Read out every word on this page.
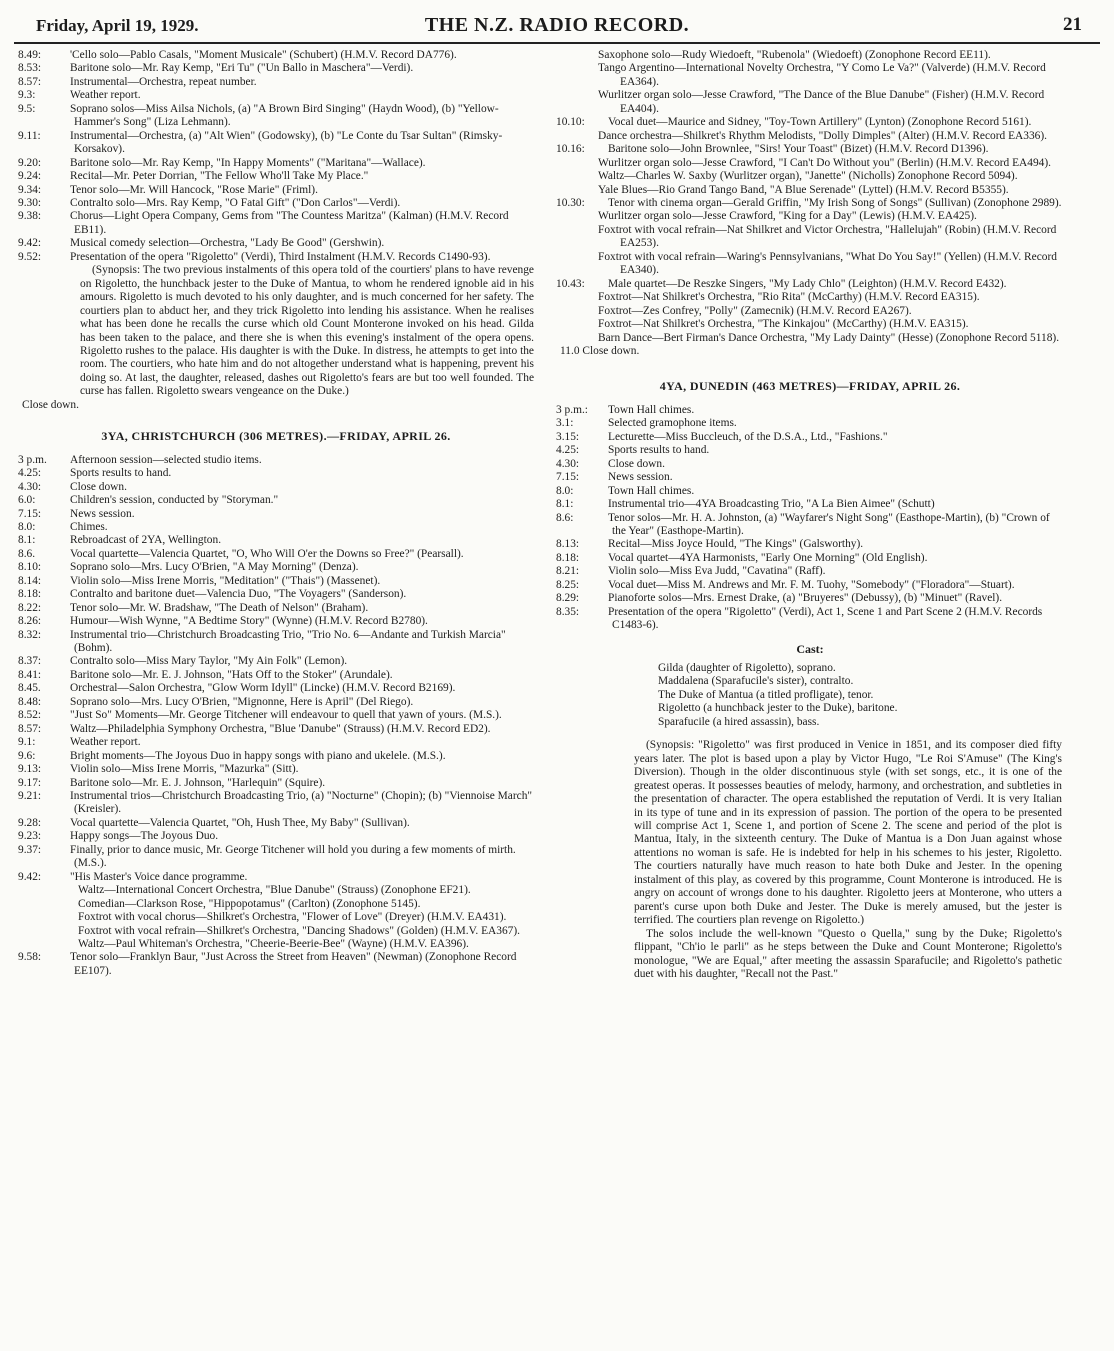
Friday, April 19, 1929.	THE N.Z. RADIO RECORD.	21

8.49:	'Cello solo—Pablo Casals, "Moment Musicale" (Schubert) (H.M.V. Record DA776).

8.53:	Baritone solo—Mr. Ray Kemp, "Eri Tu" ("Un Ballo in Maschera"—Verdi).

8.57:	Instrumental—Orchestra, repeat number.

9.3:	Weather report.

9.5:	Soprano solos—Miss Ailsa Nichols, (a) "A Brown Bird Singing" (Haydn Wood), (b) "Yellow-Hammer's Song" (Liza Lehmann).

9.11:	Instrumental—Orchestra, (a) "Alt Wien" (Godowsky), (b) "Le Conte du Tsar Sultan" (Rimsky-Korsakov).

9.20:	Baritone solo—Mr. Ray Kemp, "In Happy Moments" ("Maritana"—Wallace).

9.24:	Recital—Mr. Peter Dorrian, "The Fellow Who'll Take My Place."

9.34:	Tenor solo—Mr. Will Hancock, "Rose Marie" (Friml).

9.30:	Contralto solo—Mrs. Ray Kemp, "O Fatal Gift" ("Don Carlos"—Verdi).

9.38:	Chorus—Light Opera Company, Gems from "The Countess Maritza" (Kalman) (H.M.V. Record EB11).

9.42:	Musical comedy selection—Orchestra, "Lady Be Good" (Gershwin).

9.52:	Presentation of the opera "Rigoletto" (Verdi), Third Instalment (H.M.V. Records C1490-93).

(Synopsis: The two previous instalments of this opera told of the courtiers' plans to have revenge on Rigoletto, the hunchback jester to the Duke of Mantua, to whom he rendered ignoble aid in his amours. Rigoletto is much devoted to his only daughter, and is much concerned for her safety. The courtiers plan to abduct her, and they trick Rigoletto into lending his assistance. When he realises what has been done he recalls the curse which old Count Monterone invoked on his head. Gilda has been taken to the palace, and there she is when this evening's instalment of the opera opens. Rigoletto rushes to the palace. His daughter is with the Duke. In distress, he attempts to get into the room. The courtiers, who hate him and do not altogether understand what is happening, prevent his doing so. At last, the daughter, released, dashes out Rigoletto's fears are but too well founded. The curse has fallen. Rigoletto swears vengeance on the Duke.)

Close down.

3YA, CHRISTCHURCH (306 METRES).—FRIDAY, APRIL 26.

3 p.m. Afternoon session—selected studio items.

4.25:	Sports results to hand.

4.30:	Close down.

6.0:	Children's session, conducted by "Storyman."

7.15:	News session.

8.0:	Chimes.

8.1:	Rebroadcast of 2YA, Wellington.

8.6.	Vocal quartette—Valencia Quartet, "O, Who Will O'er the Downs so Free?" (Pearsall).

8.10:	Soprano solo—Mrs. Lucy O'Brien, "A May Morning" (Denza).

8.14:	Violin solo—Miss Irene Morris, "Meditation" ("Thais") (Massenet).

8.18:	Contralto and baritone duet—Valencia Duo, "The Voyagers" (Sanderson).

8.22:	Tenor solo—Mr. W. Bradshaw, "The Death of Nelson" (Braham).

8.26:	Humour—Wish Wynne, "A Bedtime Story" (Wynne) (H.M.V. Record B2780).

8.32:	Instrumental trio—Christchurch Broadcasting Trio, "Trio No. 6—Andante and Turkish Marcia" (Bohm).

8.37:	Contralto solo—Miss Mary Taylor, "My Ain Folk" (Lemon).

8.41:	Baritone solo—Mr. E. J. Johnson, "Hats Off to the Stoker" (Arundale).

8.45.	Orchestral—Salon Orchestra, "Glow Worm Idyll" (Lincke) (H.M.V. Record B2169).

8.48:	Soprano solo—Mrs. Lucy O'Brien, "Mignonne, Here is April" (Del Riego).

8.52:	"Just So" Moments—Mr. George Titchener will endeavour to quell that yawn of yours. (M.S.).

8.57:	Waltz—Philadelphia Symphony Orchestra, "Blue 'Danube" (Strauss) (H.M.V. Record ED2).

9.1:	Weather report.

9.6:	Bright moments—The Joyous Duo in happy songs with piano and ukelele. (M.S.).

9.13:	Violin solo—Miss Irene Morris, "Mazurka" (Sitt).

9.17:	Baritone solo—Mr. E. J. Johnson, "Harlequin" (Squire).

9.21:	Instrumental trios—Christchurch Broadcasting Trio, (a) "Nocturne" (Chopin); (b) "Viennoise March" (Kreisler).

9.28:	Vocal quartette—Valencia Quartet, "Oh, Hush Thee, My Baby" (Sullivan).

9.23:	Happy songs—The Joyous Duo.

9.37:	Finally, prior to dance music, Mr. George Titchener will hold you during a few moments of mirth. (M.S.).

9.42:	"His Master's Voice dance programme.

Waltz—International Concert Orchestra, "Blue Danube" (Strauss) (Zonophone EF21).

Comedian—Clarkson Rose, "Hippopotamus" (Carlton) (Zonophone 5145).

Foxtrot with vocal chorus—Shilkret's Orchestra, "Flower of Love" (Dreyer) (H.M.V. EA431).

Foxtrot with vocal refrain—Shilkret's Orchestra, "Dancing Shadows" (Golden) (H.M.V. EA367).

Waltz—Paul Whiteman's Orchestra, "Cheerie-Beerie-Bee" (Wayne) (H.M.V. EA396).

9.58:	Tenor solo—Franklyn Baur, "Just Across the Street from Heaven" (Newman) (Zonophone Record EE107).

Saxophone solo—Rudy Wiedoeft, "Rubenola" (Wiedoeft) (Zonophone Record EE11).

Tango Argentino—International Novelty Orchestra, "Y Como Le Va?" (Valverde) (H.M.V. Record EA364).

Wurlitzer organ solo—Jesse Crawford, "The Dance of the Blue Danube" (Fisher) (H.M.V. Record EA404).

10.10: Vocal duet—Maurice and Sidney, "Toy-Town Artillery" (Lynton) (Zonophone Record 5161).

Dance orchestra—Shilkret's Rhythm Melodists, "Dolly Dimples" (Alter) (H.M.V. Record EA336).

10.16: Baritone solo—John Brownlee, "Sirs! Your Toast" (Bizet) (H.M.V. Record D1396).

Wurlitzer organ solo—Jesse Crawford, "I Can't Do Without you" (Berlin) (H.M.V. Record EA494).

Waltz—Charles W. Saxby (Wurlitzer organ), "Janette" (Nicholls) Zonophone Record 5094).

Yale Blues—Rio Grand Tango Band, "A Blue Serenade" (Lyttel) (H.M.V. Record B5355).

10.30: Tenor with cinema organ—Gerald Griffin, "My Irish Song of Songs" (Sullivan) (Zonophone 2989).

Wurlitzer organ solo—Jesse Crawford, "King for a Day" (Lewis) (H.M.V. EA425).

Foxtrot with vocal refrain—Nat Shilkret and Victor Orchestra, "Hallelujah" (Robin) (H.M.V. Record EA253).

Foxtrot with vocal refrain—Waring's Pennsylvanians, "What Do You Say!" (Yellen) (H.M.V. Record EA340).

10.43: Male quartet—De Reszke Singers, "My Lady Chlo" (Leighton) (H.M.V. Record E432).

Foxtrot—Nat Shilkret's Orchestra, "Rio Rita" (McCarthy) (H.M.V. Record EA315).

Foxtrot—Zes Confrey, "Polly" (Zamecnik) (H.M.V. Record EA267).

Foxtrot—Nat Shilkret's Orchestra, "The Kinkajou" (McCarthy) (H.M.V. EA315).

Barn Dance—Bert Firman's Dance Orchestra, "My Lady Dainty" (Hesse) (Zonophone Record 5118).

11.0 Close down.

4YA, DUNEDIN (463 METRES)—FRIDAY, APRIL 26.

3 p.m.: Town Hall chimes.

3.1:	Selected gramophone items.

3.15:	Lecturette—Miss Buccleuch, of the D.S.A., Ltd., "Fashions."

4.25:	Sports results to hand.

4.30:	Close down.

7.15:	News session.

8.0:	Town Hall chimes.

8.1:	Instrumental trio—4YA Broadcasting Trio, "A La Bien Aimee" (Schutt)

8.6:	Tenor solos—Mr. H. A. Johnston, (a) "Wayfarer's Night Song" (Easthope-Martin), (b) "Crown of the Year" (Easthope-Martin).

8.13:	Recital—Miss Joyce Hould, "The Kings" (Galsworthy).

8.18:	Vocal quartet—4YA Harmonists, "Early One Morning" (Old English).

8.21:	Violin solo—Miss Eva Judd, "Cavatina" (Raff).

8.25:	Vocal duet—Miss M. Andrews and Mr. F. M. Tuohy, "Somebody" ("Floradora"—Stuart).

8.29:	Pianoforte solos—Mrs. Ernest Drake, (a) "Bruyeres" (Debussy), (b) "Minuet" (Ravel).

8.35:	Presentation of the opera "Rigoletto" (Verdi), Act 1, Scene 1 and Part Scene 2 (H.M.V. Records C1483-6).

Cast:
Gilda (daughter of Rigoletto), soprano.
Maddalena (Sparafucile's sister), contralto.
The Duke of Mantua (a titled profligate), tenor.
Rigoletto (a hunchback jester to the Duke), baritone.
Sparafucile (a hired assassin), bass.

(Synopsis: "Rigoletto" was first produced in Venice in 1851, and its composer died fifty years later. The plot is based upon a play by Victor Hugo, "Le Roi S'Amuse" (The King's Diversion). Though in the older discontinuous style (with set songs, etc., it is one of the greatest operas. It possesses beauties of melody, harmony, and orchestration, and subtleties in the presentation of character. The opera established the reputation of Verdi. It is very Italian in its type of tune and in its expression of passion. The portion of the opera to be presented will comprise Act 1, Scene 1, and portion of Scene 2. The scene and period of the plot is Mantua, Italy, in the sixteenth century. The Duke of Mantua is a Don Juan against whose attentions no woman is safe. He is indebted for help in his schemes to his jester, Rigoletto. The courtiers naturally have much reason to hate both Duke and Jester. In the opening instalment of this play, as covered by this programme, Count Monterone is introduced. He is angry on account of wrongs done to his daughter. Rigoletto jeers at Monterone, who utters a parent's curse upon both Duke and Jester. The Duke is merely amused, but the jester is terrified. The courtiers plan revenge on Rigoletto.)

The solos include the well-known "Questo o Quella," sung by the Duke; Rigoletto's flippant, "Ch'io le parli" as he steps between the Duke and Count Monterone; Rigoletto's monologue, "We are Equal," after meeting the assassin Sparafucile; and Rigoletto's pathetic duet with his daughter, "Recall not the Past."
